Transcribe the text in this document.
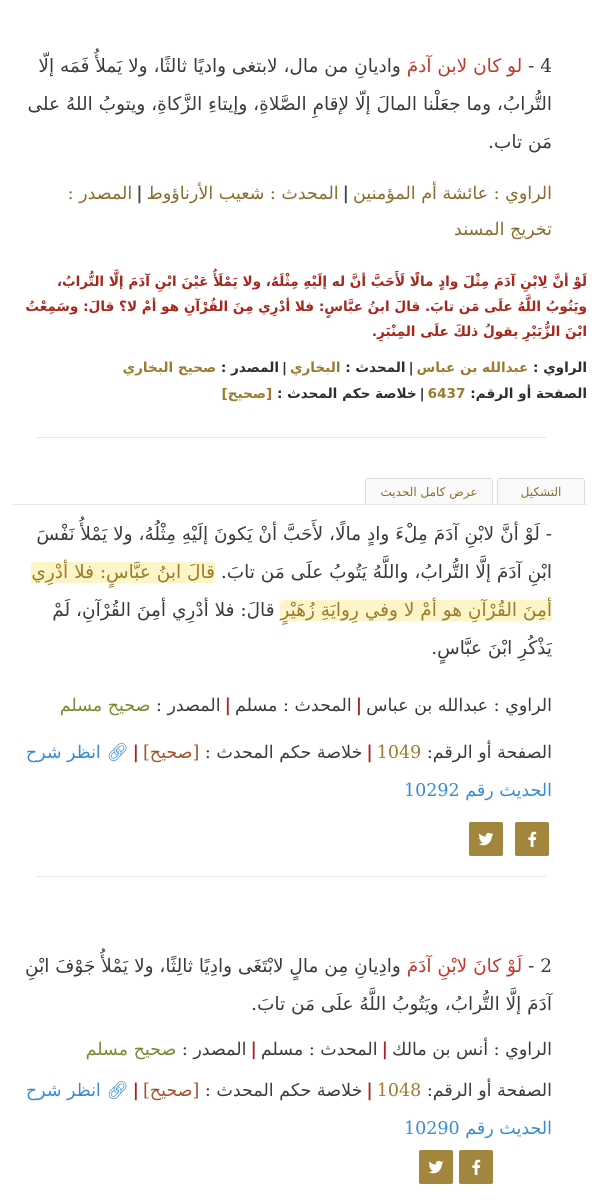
4 - لو كان لابن آدمَ واديانِ من مال، لابتغى واديًا ثالثًا، ولا يَملأُ فَمَه إلّا التُّرابُ، وما جعَلْنا المالَ إلّا لإقامِ الصَّلاةِ، وإيتاءِ الزَّكاةِ، ويتوبُ اللهُ على مَن تاب.

الراوي : عائشة أم المؤمنين|المحدث : شعيب الأرناؤوط|المصدر : تخريج المسند

لَوْ أنَّ لِابْنِ آدَمَ مِثْلَ وادٍ مالًا لَأَحَبَّ أنَّ له إلَيْهِ مِثْلَهُ، ولا يَمْلَأُ عَيْنَ ابْنِ آدَمَ إلَّا التُّرابُ، ويَتُوبُ اللَّهُ علَى مَن تابَ. قالَ ابنُ عبَّاسٍ: فلا أدْرِي مِنَ القُرْآنِ هو أمْ لا؟ قالَ: وسَمِعْتُ ابْنَ الزُّبَيْرِ يقولُ ذلكَ علَى المِنْبَرِ.

الراوي : عبدالله بن عباس|المحدث : البخاري|المصدر : صحيح البخاري
الصفحة أو الرقم: 6437|خلاصة حكم المحدث : [صحيح]
التشكيل
عرض كامل الحديث

- لَوْ أنَّ لابْنِ آدَمَ مِلْءَ وادٍ مالًا، لأَحَبَّ أنْ يَكونَ إلَيْهِ مِثْلُهُ، ولا يَمْلأُ نَفْسَ ابْنِ آدَمَ إلَّا التُّرابُ، واللَّهُ يَتُوبُ علَى مَن تابَ. قالَ ابنُ عبَّاسٍ: فلا أدْرِي أمِنَ القُرْآنِ هو أمْ لا وفي رِوايَةِ زُهَيْرٍ قالَ: فلا أدْرِي أمِنَ القُرْآنِ، لَمْ يَذْكُرِ ابْنَ عبَّاسٍ.

الراوي : عبدالله بن عباس|المحدث : مسلم|المصدر : صحيح مسلم
الصفحة أو الرقم: 1049|خلاصة حكم المحدث : [صحيح]|🔗︎ انظر شرح الحديث رقم 10292

2 - لَوْ كانَ لابْنِ آدَمَ وادِيانِ مِن مالٍ لابْتَغَى وادِيًا ثالِثًا، ولا يَمْلأُ جَوْفَ ابْنِ آدَمَ إلَّا التُّرابُ، ويَتُوبُ اللَّهُ علَى مَن تابَ.

الراوي : أنس بن مالك|المحدث : مسلم|المصدر : صحيح مسلم
الصفحة أو الرقم: 1048|خلاصة حكم المحدث : [صحيح]|🔗︎ انظر شرح الحديث رقم 10290
